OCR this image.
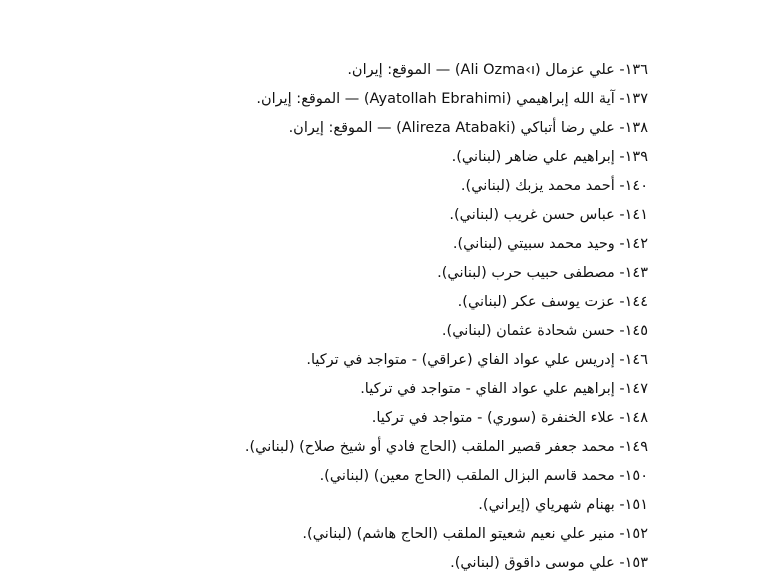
١٣٦- علي عزمال (Ali Ozma‹ı) — الموقع: إيران.
١٣٧- آية الله إبراهيمي (Ayatollah Ebrahimi) — الموقع: إيران.
١٣٨- علي رضا أتباكي (Alireza Atabaki) — الموقع: إيران.
١٣٩- إبراهيم علي ضاهر (لبناني).
١٤٠- أحمد محمد يزبك (لبناني).
١٤١- عباس حسن غريب (لبناني).
١٤٢- وحيد محمد سبيتي (لبناني).
١٤٣- مصطفى حبيب حرب (لبناني).
١٤٤- عزت يوسف عكر (لبناني).
١٤٥- حسن شحادة عثمان (لبناني).
١٤٦- إدريس علي عواد الفاي (عراقي) - متواجد في تركيا.
١٤٧- إبراهيم علي عواد الفاي - متواجد في تركيا.
١٤٨- علاء الخنفرة (سوري) - متواجد في تركيا.
١٤٩- محمد جعفر قصير الملقب (الحاج فادي أو شيخ صلاح) (لبناني).
١٥٠- محمد قاسم البزال الملقب (الحاج معين) (لبناني).
١٥١- بهنام شهرياي (إيراني).
١٥٢- منير علي نعيم شعيتو الملقب (الحاج هاشم) (لبناني).
١٥٣- علي موسى داقوق (لبناني).
